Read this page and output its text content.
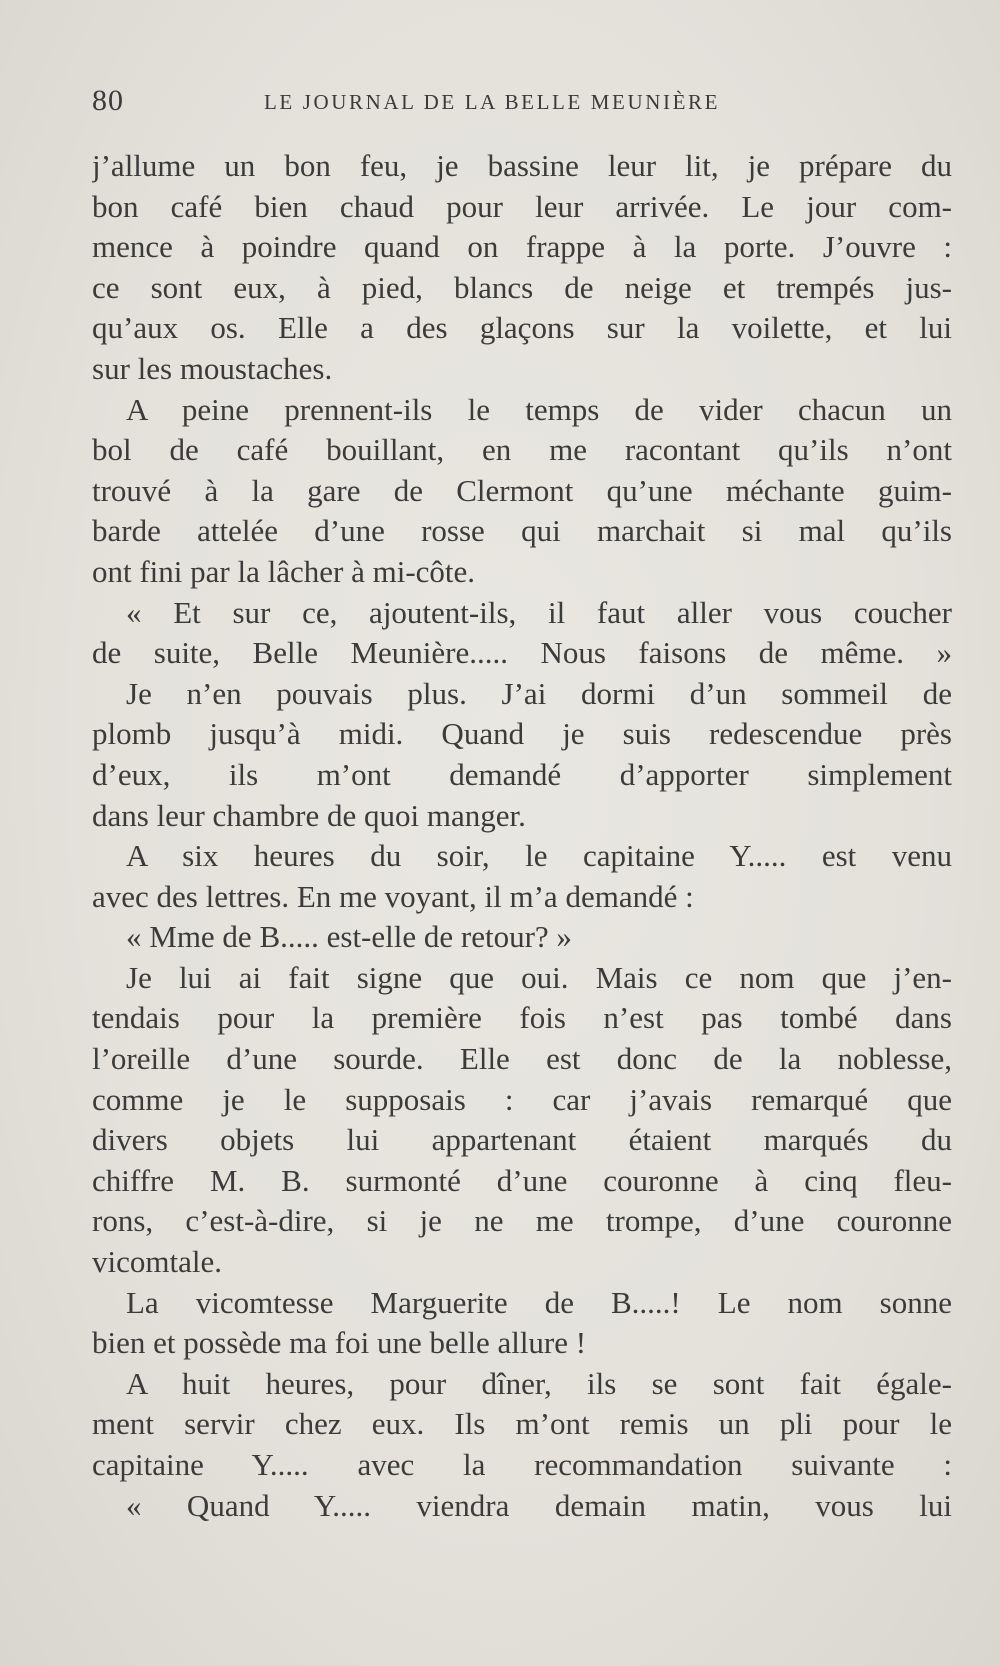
80	LE JOURNAL DE LA BELLE MEUNIÈRE
j’allume un bon feu, je bassine leur lit, je prépare du
bon café bien chaud pour leur arrivée. Le jour com-
mence à poindre quand on frappe à la porte. J’ouvre :
ce sont eux, à pied, blancs de neige et trempés jus-
qu’aux os. Elle a des glaçons sur la voilette, et lui
sur les moustaches.
A peine prennent-ils le temps de vider chacun un
bol de café bouillant, en me racontant qu’ils n’ont
trouvé à la gare de Clermont qu’une méchante guim-
barde attelée d’une rosse qui marchait si mal qu’ils
ont fini par la lâcher à mi-côte.
« Et sur ce, ajoutent-ils, il faut aller vous coucher
de suite, Belle Meunière..... Nous faisons de même. »
Je n’en pouvais plus. J’ai dormi d’un sommeil de
plomb jusqu’à midi. Quand je suis redescendue près
d’eux, ils m’ont demandé d’apporter simplement
dans leur chambre de quoi manger.
A six heures du soir, le capitaine Y..... est venu
avec des lettres. En me voyant, il m’a demandé :
« Mme de B..... est-elle de retour? »
Je lui ai fait signe que oui. Mais ce nom que j’en-
tendais pour la première fois n’est pas tombé dans
l’oreille d’une sourde. Elle est donc de la noblesse,
comme je le supposais : car j’avais remarqué que
divers objets lui appartenant étaient marqués du
chiffre M. B. surmonté d’une couronne à cinq fleu-
rons, c’est-à-dire, si je ne me trompe, d’une couronne
vicomtale.
La vicomtesse Marguerite de B.....! Le nom sonne
bien et possède ma foi une belle allure !
A huit heures, pour dîner, ils se sont fait égale-
ment servir chez eux. Ils m’ont remis un pli pour le
capitaine Y..... avec la recommandation suivante :
« Quand Y..... viendra demain matin, vous lui
